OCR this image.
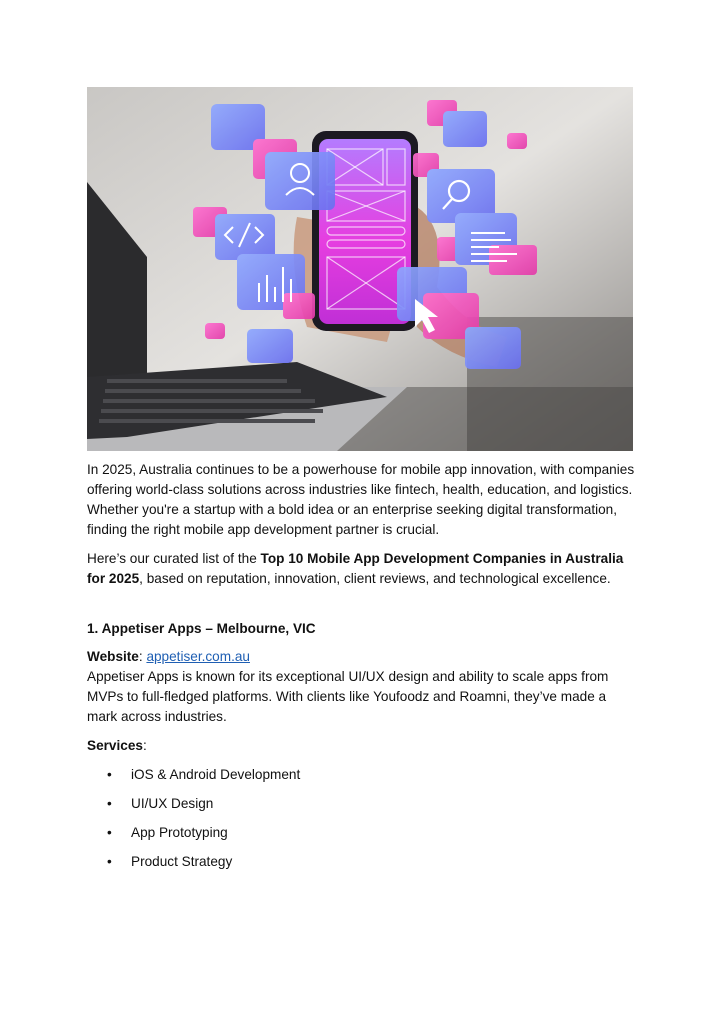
In 2025, Australia continues to be a powerhouse for mobile app innovation, with companies offering world-class solutions across industries like fintech, health, education, and logistics. Whether you're a startup with a bold idea or an enterprise seeking digital transformation, finding the right mobile app development partner is crucial.

Here’s our curated list of the Top 10 Mobile App Development Companies in Australia for 2025, based on reputation, innovation, client reviews, and technological excellence.

1. Appetiser Apps – Melbourne, VIC

Website: appetiser.com.au
Appetiser Apps is known for its exceptional UI/UX design and ability to scale apps from MVPs to full-fledged platforms. With clients like Youfoodz and Roamni, they’ve made a mark across industries.

Services:

• iOS & Android Development
• UI/UX Design
• App Prototyping
• Product Strategy
